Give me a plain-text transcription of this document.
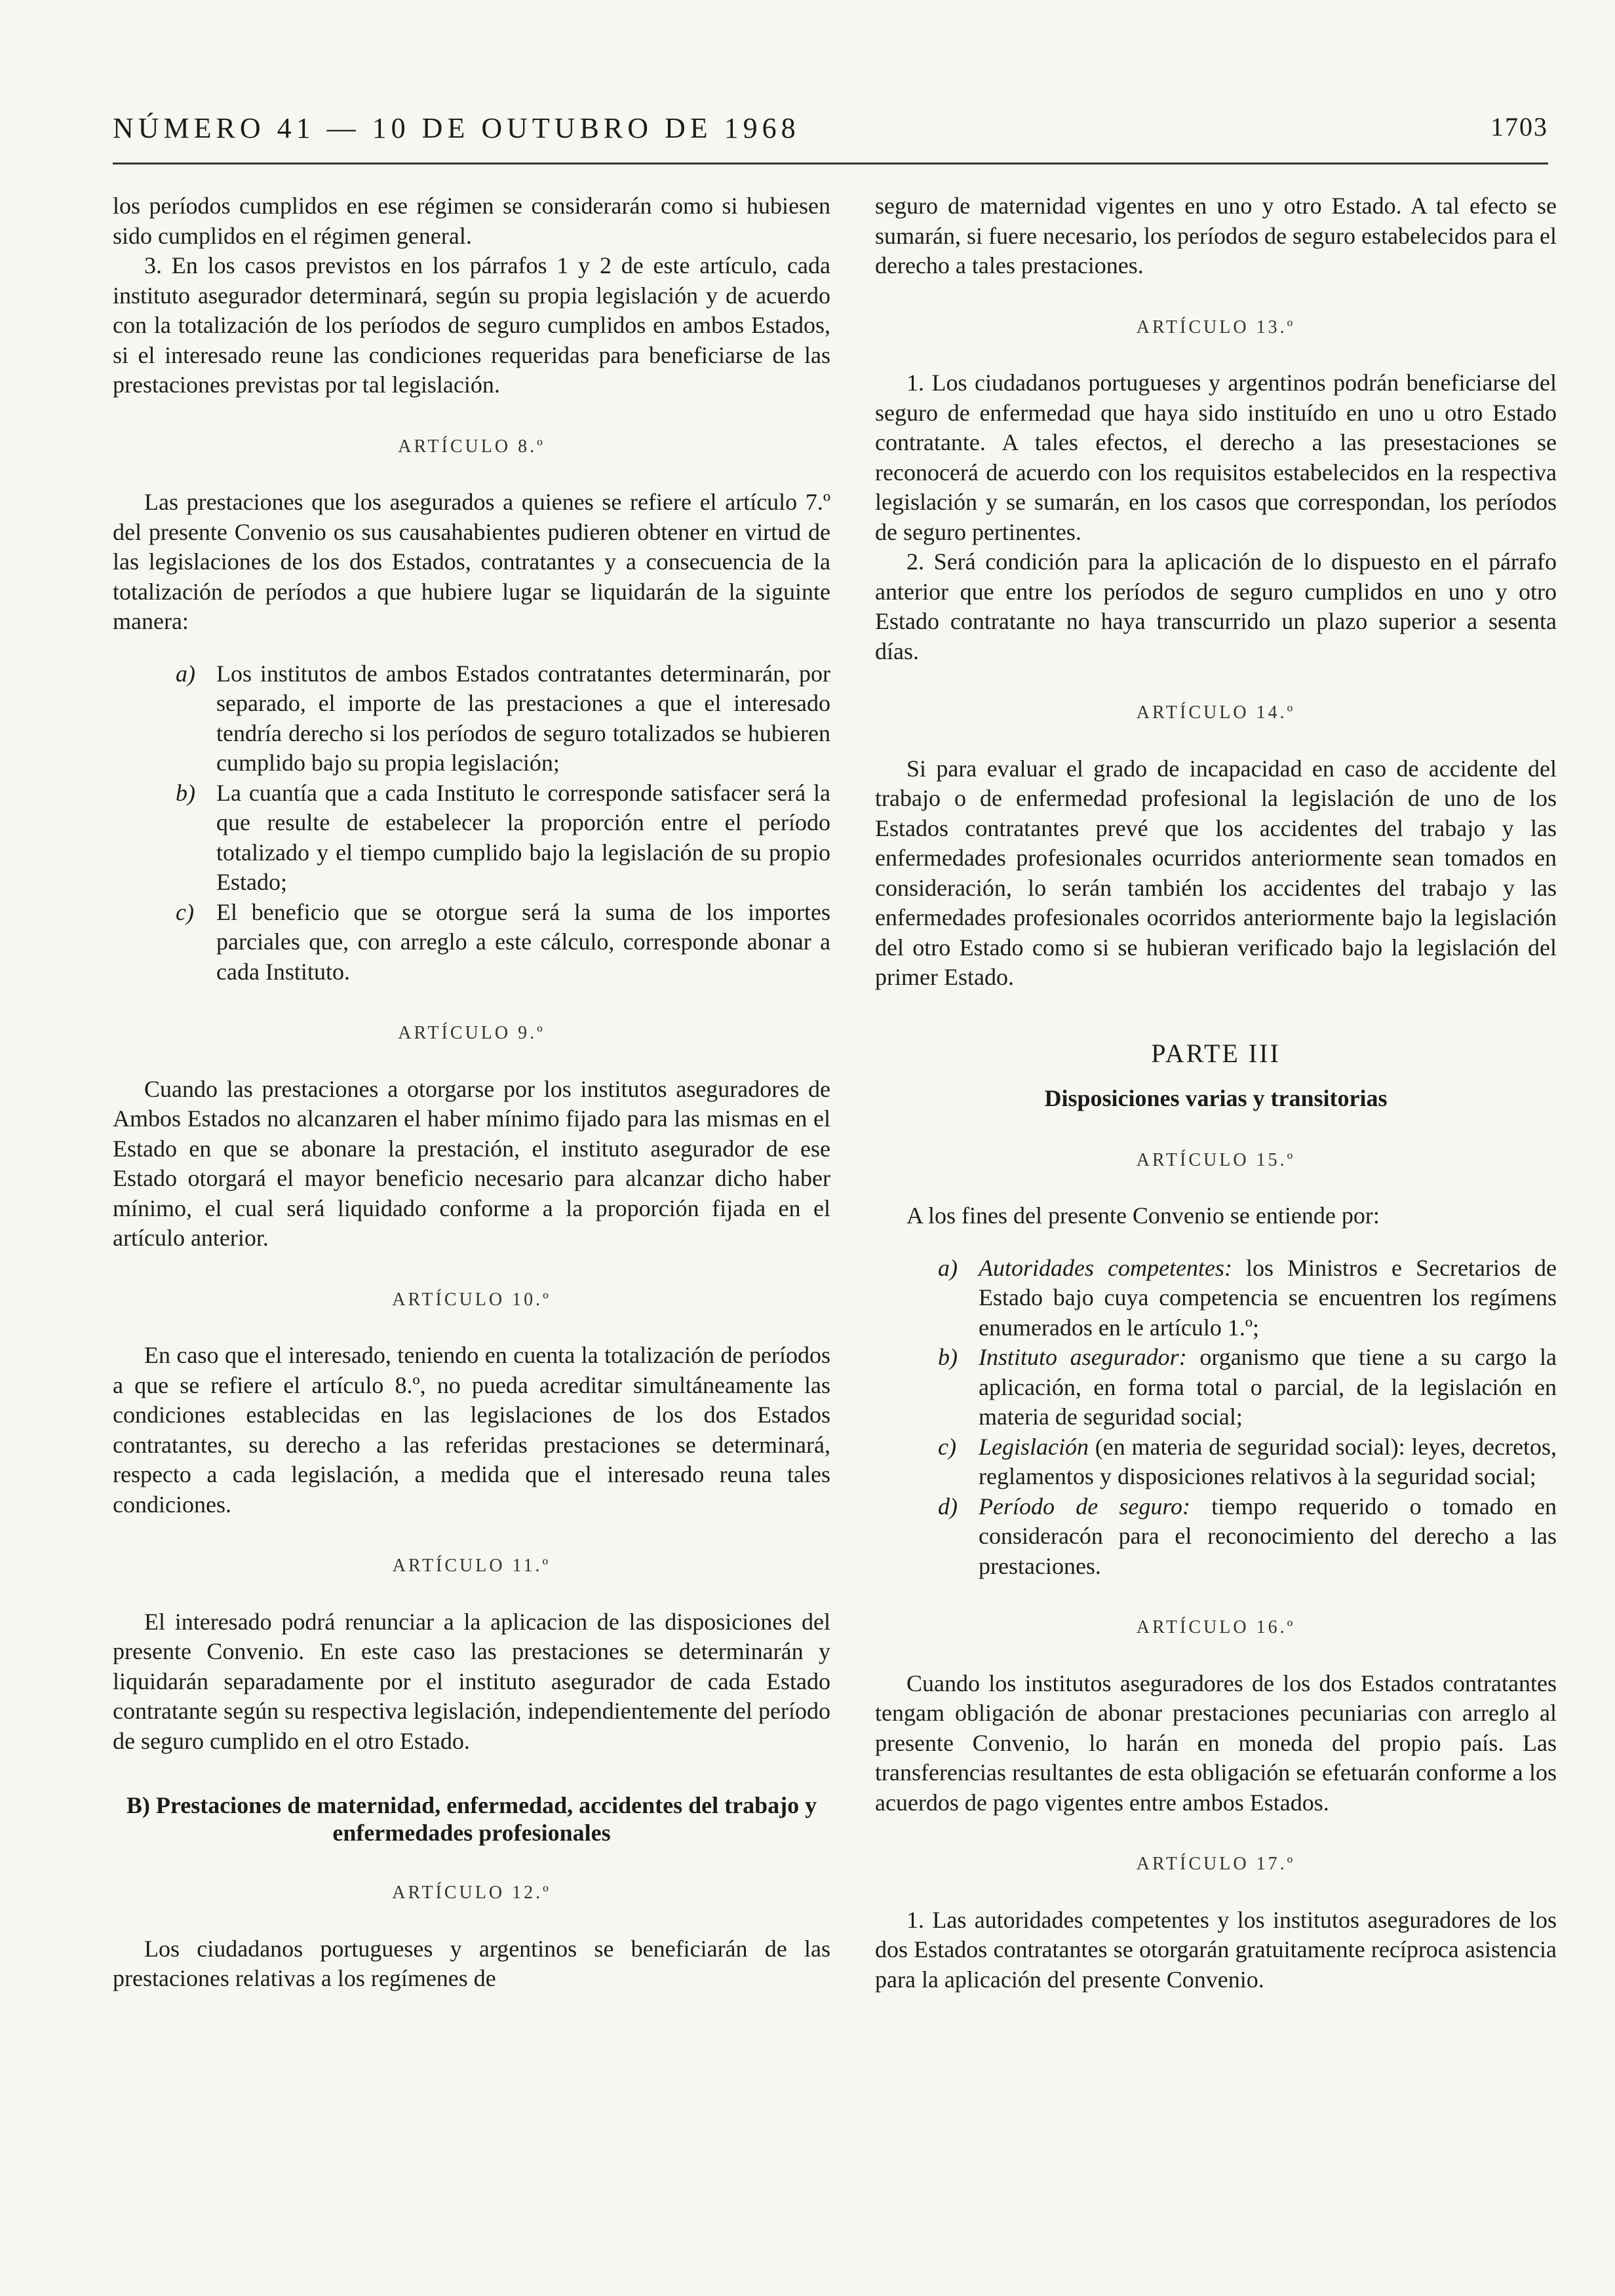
NÚMERO 41 — 10 DE OUTUBRO DE 1968	1703

los períodos cumplidos en ese régimen se considerarán como si hubiesen sido cumplidos en el régimen general.

3. En los casos previstos en los párrafos 1 y 2 de este artículo, cada instituto asegurador determinará, según su propia legislación y de acuerdo con la totalización de los períodos de seguro cumplidos en ambos Estados, si el interesado reune las condiciones requeridas para beneficiarse de las prestaciones previstas por tal legislación.

ARTÍCULO 8.º

Las prestaciones que los asegurados a quienes se refiere el artículo 7.º del presente Convenio os sus causahabientes pudieren obtener en virtud de las legislaciones de los dos Estados, contratantes y a consecuencia de la totalización de períodos a que hubiere lugar se liquidarán de la siguinte manera:

a) Los institutos de ambos Estados contratantes determinarán, por separado, el importe de las prestaciones a que el interesado tendría derecho si los períodos de seguro totalizados se hubieren cumplido bajo su propia legislación;
b) La cuantía que a cada Instituto le corresponde satisfacer será la que resulte de estabelecer la proporción entre el período totalizado y el tiempo cumplido bajo la legislación de su propio Estado;
c) El beneficio que se otorgue será la suma de los importes parciales que, con arreglo a este cálculo, corresponde abonar a cada Instituto.
ARTÍCULO 9.º

Cuando las prestaciones a otorgarse por los institutos aseguradores de Ambos Estados no alcanzaren el haber mínimo fijado para las mismas en el Estado en que se abonare la prestación, el instituto asegurador de ese Estado otorgará el mayor beneficio necesario para alcanzar dicho haber mínimo, el cual será liquidado conforme a la proporción fijada en el artículo anterior.

ARTÍCULO 10.º

En caso que el interesado, teniendo en cuenta la totalización de períodos a que se refiere el artículo 8.º, no pueda acreditar simultáneamente las condiciones establecidas en las legislaciones de los dos Estados contratantes, su derecho a las referidas prestaciones se determinará, respecto a cada legislación, a medida que el interesado reuna tales condiciones.

ARTÍCULO 11.º

El interesado podrá renunciar a la aplicacion de las disposiciones del presente Convenio. En este caso las prestaciones se determinarán y liquidarán separadamente por el instituto asegurador de cada Estado contratante según su respectiva legislación, independientemente del período de seguro cumplido en el otro Estado.

B) Prestaciones de maternidad, enfermedad, accidentes del trabajo y enfermedades profesionales
ARTÍCULO 12.º

Los ciudadanos portugueses y argentinos se beneficiarán de las prestaciones relativas a los regímenes de

seguro de maternidad vigentes en uno y otro Estado. A tal efecto se sumarán, si fuere necesario, los períodos de seguro estabelecidos para el derecho a tales prestaciones.

ARTÍCULO 13.º

1. Los ciudadanos portugueses y argentinos podrán beneficiarse del seguro de enfermedad que haya sido instituído en uno u otro Estado contratante. A tales efectos, el derecho a las presestaciones se reconocerá de acuerdo con los requisitos estabelecidos en la respectiva legislación y se sumarán, en los casos que correspondan, los períodos de seguro pertinentes.

2. Será condición para la aplicación de lo dispuesto en el párrafo anterior que entre los períodos de seguro cumplidos en uno y otro Estado contratante no haya transcurrido un plazo superior a sesenta días.

ARTÍCULO 14.º

Si para evaluar el grado de incapacidad en caso de accidente del trabajo o de enfermedad profesional la legislación de uno de los Estados contratantes prevé que los accidentes del trabajo y las enfermedades profesionales ocurridos anteriormente sean tomados en consideración, lo serán también los accidentes del trabajo y las enfermedades profesionales ocorridos anteriormente bajo la legislación del otro Estado como si se hubieran verificado bajo la legislación del primer Estado.

PARTE III
Disposiciones varias y transitorias
ARTÍCULO 15.º

A los fines del presente Convenio se entiende por:

a) Autoridades competentes: los Ministros e Secretarios de Estado bajo cuya competencia se encuentren los regímens enumerados en le artículo 1.º;
b) Instituto asegurador: organismo que tiene a su cargo la aplicación, en forma total o parcial, de la legislación en materia de seguridad social;
c) Legislación (en materia de seguridad social): leyes, decretos, reglamentos y disposiciones relativos à la seguridad social;
d) Período de seguro: tiempo requerido o tomado en consideracón para el reconocimiento del derecho a las prestaciones.
ARTÍCULO 16.º

Cuando los institutos aseguradores de los dos Estados contratantes tengam obligación de abonar prestaciones pecuniarias con arreglo al presente Convenio, lo harán en moneda del propio país. Las transferencias resultantes de esta obligación se efetuarán conforme a los acuerdos de pago vigentes entre ambos Estados.

ARTÍCULO 17.º

1. Las autoridades competentes y los institutos aseguradores de los dos Estados contratantes se otorgarán gratuitamente recíproca asistencia para la aplicación del presente Convenio.
